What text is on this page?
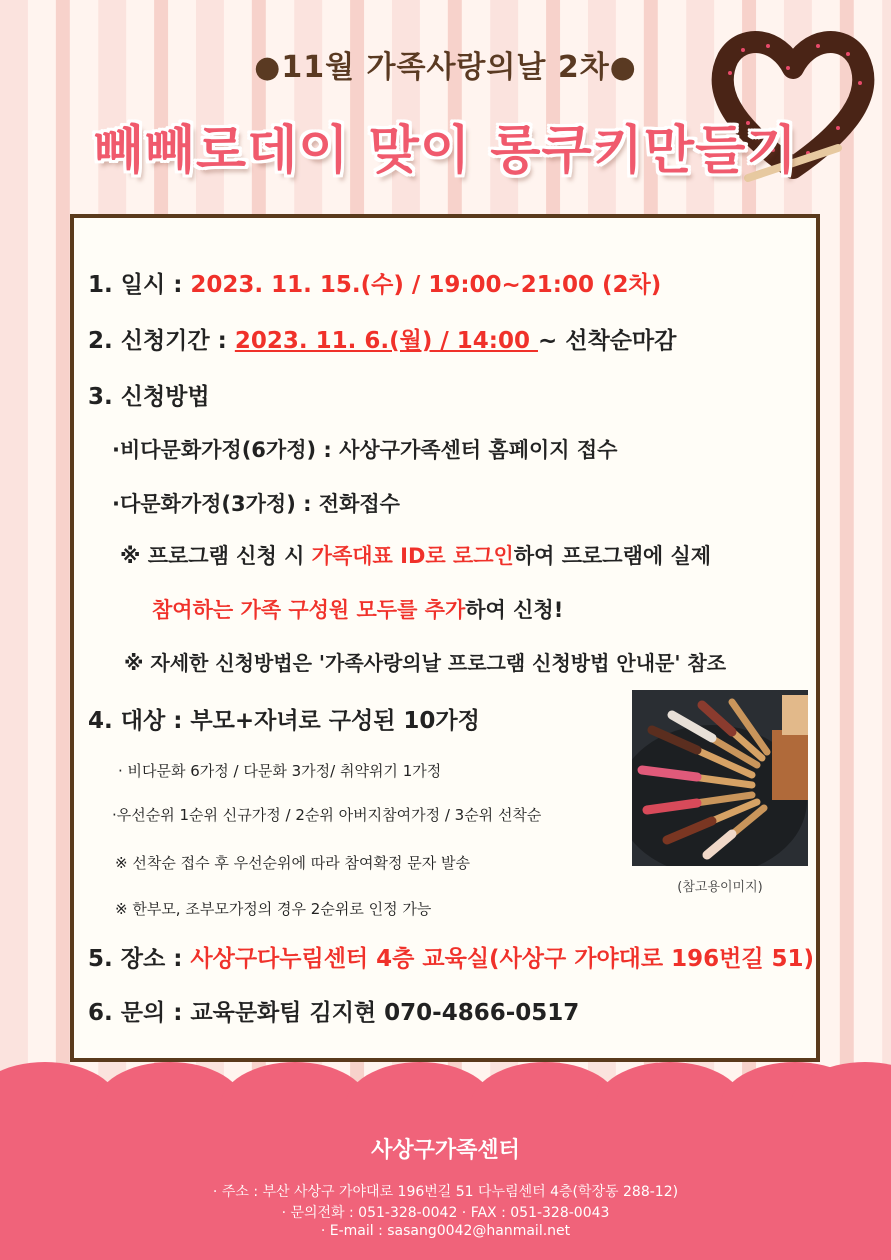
●11월 가족사랑의날 2차●
빼빼로데이 맞이 롱쿠키만들기
1. 일시 : 2023. 11. 15.(수) / 19:00~21:00 (2차)
2. 신청기간 : 2023. 11. 6.(월) / 14:00 ~ 선착순마감
3. 신청방법
·비다문화가정(6가정) : 사상구가족센터 홈페이지 접수
·다문화가정(3가정) : 전화접수
※ 프로그램 신청 시 가족대표 ID로 로그인하여 프로그램에 실제
참여하는 가족 구성원 모두를 추가하여 신청!
※ 자세한 신청방법은 '가족사랑의날 프로그램 신청방법 안내문' 참조
4. 대상 : 부모+자녀로 구성된 10가정
· 비다문화 6가정 / 다문화 3가정/ 취약위기 1가정
·우선순위 1순위 신규가정 / 2순위 아버지참여가정 / 3순위 선착순
※ 선착순 접수 후 우선순위에 따라 참여확정 문자 발송
※ 한부모, 조부모가정의 경우 2순위로 인정 가능
(참고용이미지)
5. 장소 : 사상구다누림센터 4층 교육실(사상구 가야대로 196번길 51)
6. 문의 : 교육문화팀 김지현 070-4866-0517
사상구가족센터
· 주소 : 부산 사상구 가야대로 196번길 51 다누림센터 4층(학장동 288-12)
· 문의전화 : 051-328-0042 · FAX : 051-328-0043
· E-mail : sasang0042@hanmail.net
